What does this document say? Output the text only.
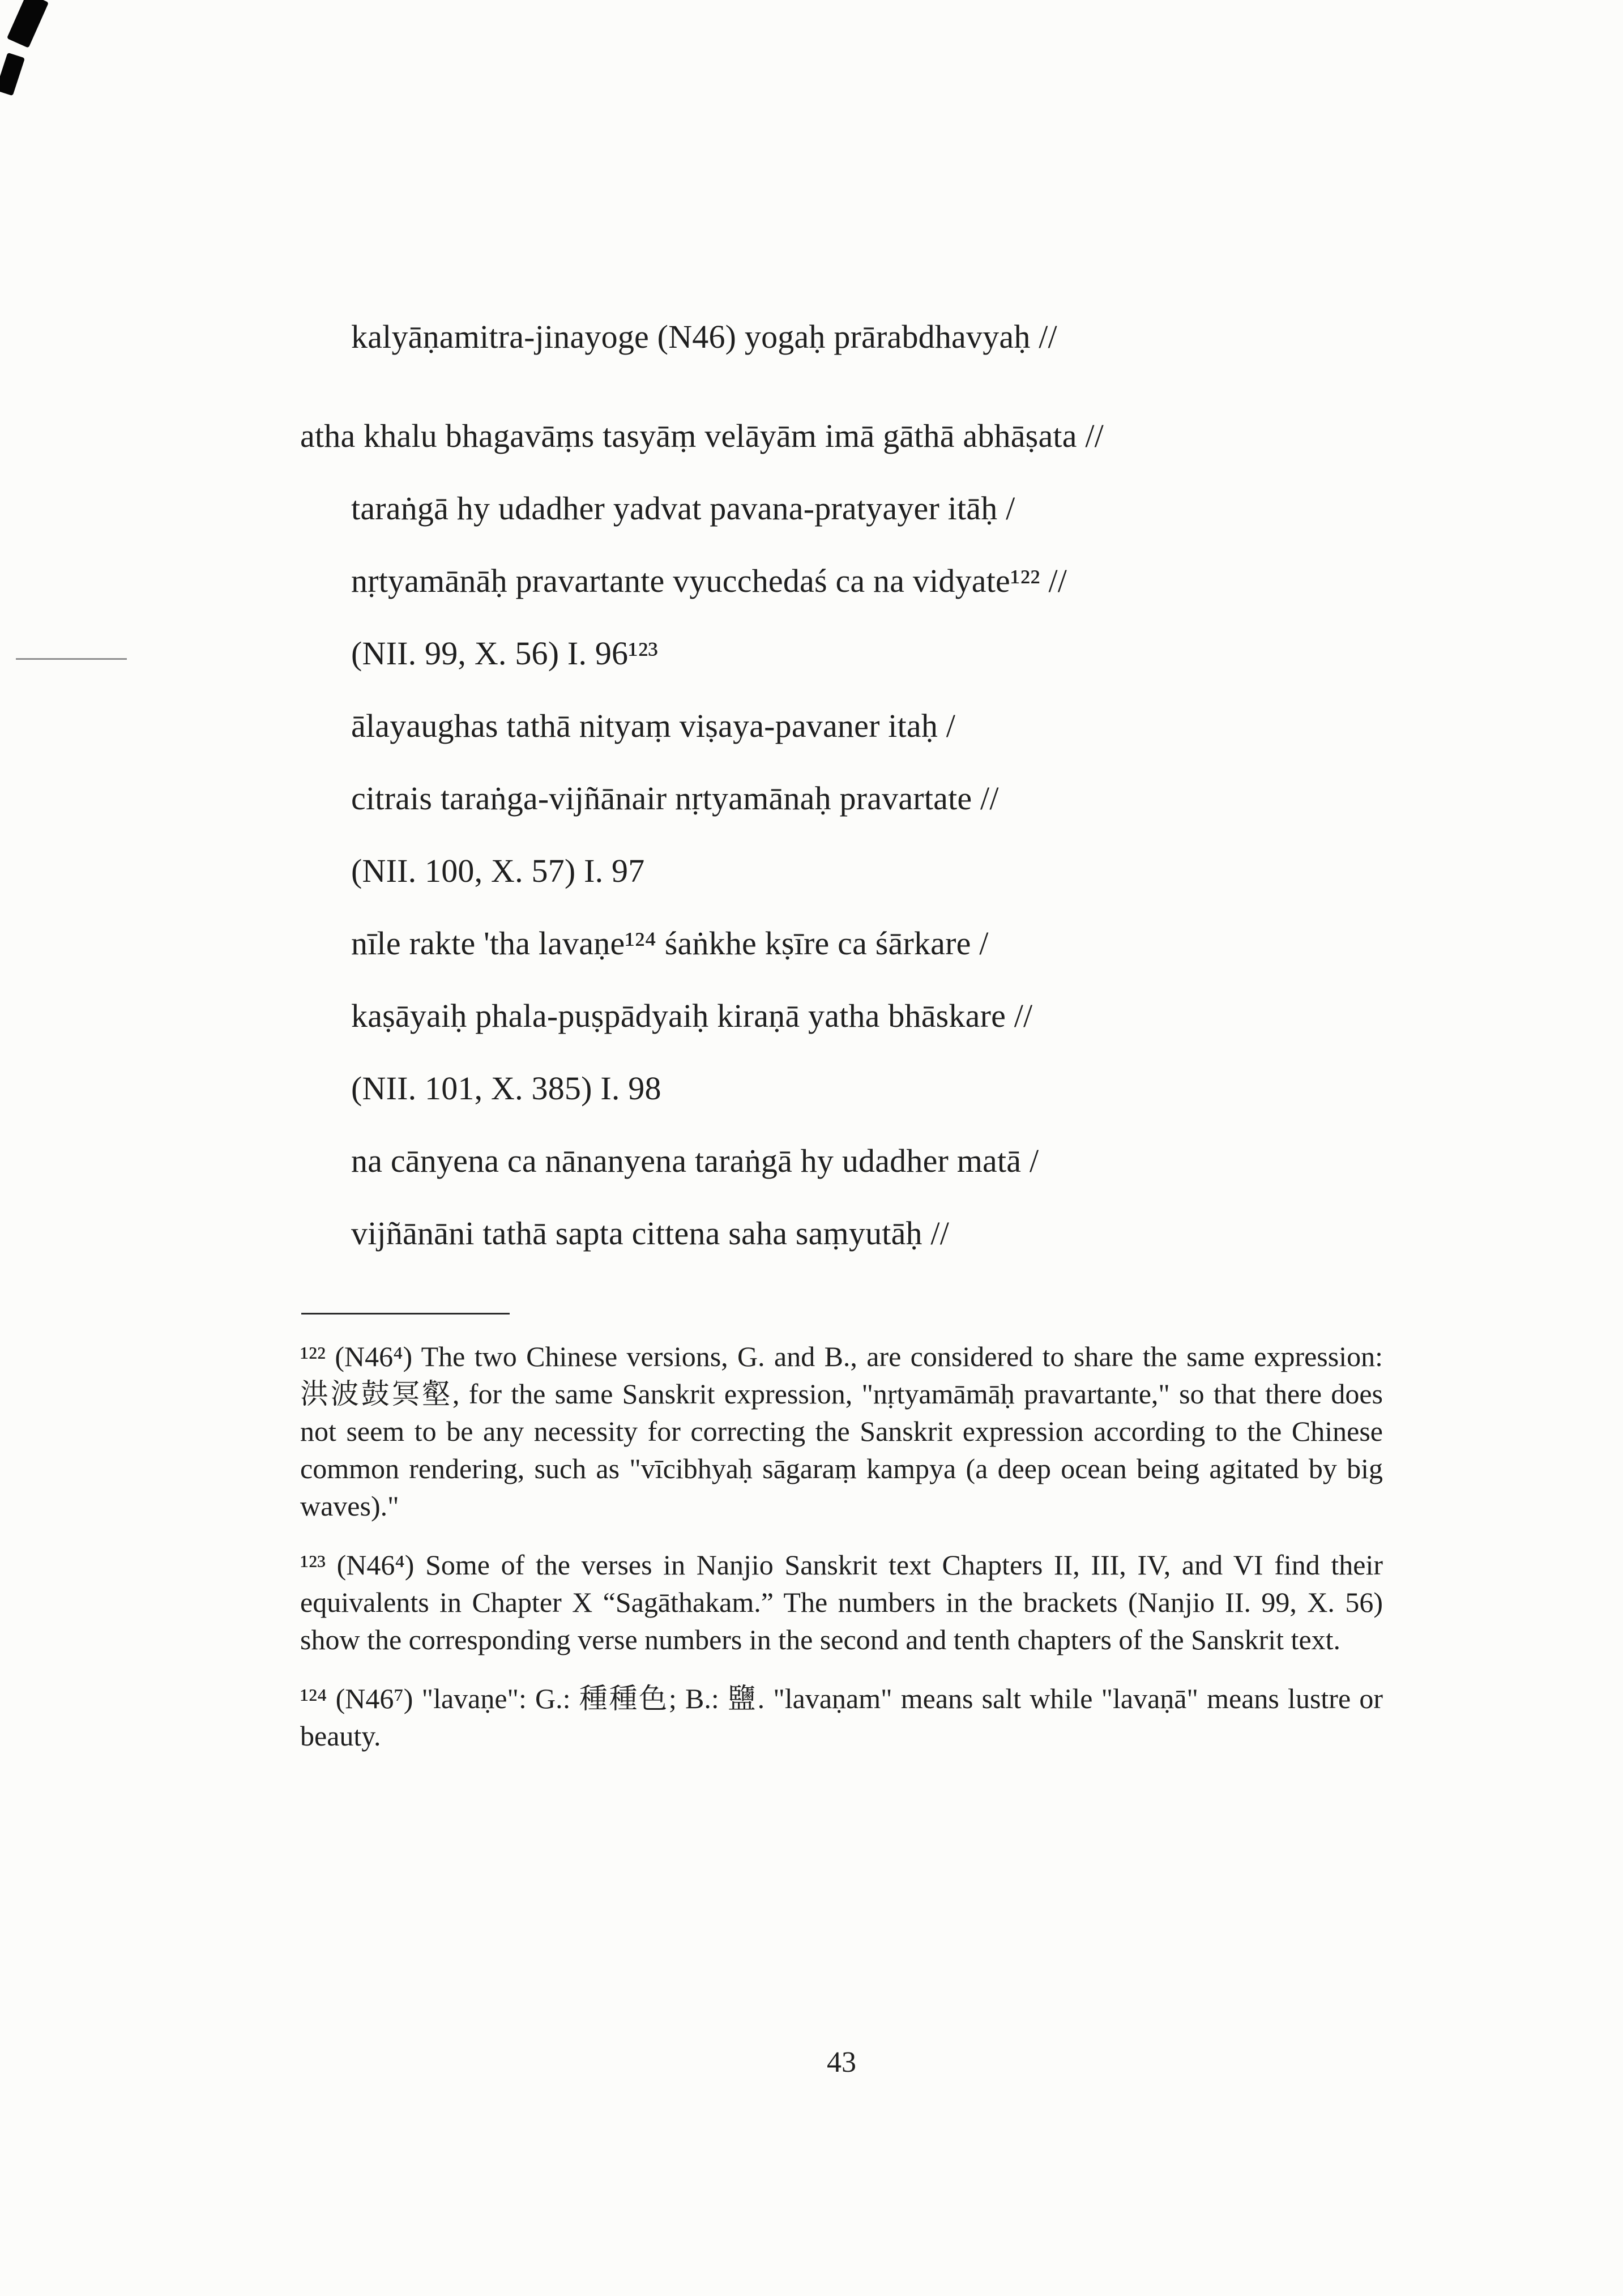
kalyāṇamitra-jinayoge (N46) yogaḥ prārabdhavyaḥ //
atha khalu bhagavāṃs tasyāṃ velāyām imā gāthā abhāṣata //
taraṅgā hy udadher yadvat pavana-pratyayer itāḥ /
nṛtyamānāḥ pravartante vyucchedaś ca na vidyate¹²² //
(NII. 99, X. 56) I. 96¹²³
ālayaughas tathā nityaṃ viṣaya-pavaner itaḥ /
citrais taraṅga-vijñānair nṛtyamānaḥ pravartate //
(NII. 100, X. 57) I. 97
nīle rakte 'tha lavaṇe¹²⁴ śaṅkhe kṣīre ca śārkare /
kaṣāyaiḥ phala-puṣpādyaiḥ kiraṇā yatha bhāskare //
(NII. 101, X. 385) I. 98
na cānyena ca nānanyena taraṅgā hy udadher matā /
vijñānāni tathā sapta cittena saha saṃyutāḥ //

¹²² (N46⁴) The two Chinese versions, G. and B., are considered to share the same expression: 洪波鼓冥壑, for the same Sanskrit expression, "nṛtyamāmāḥ pravartante," so that there does not seem to be any necessity for correcting the Sanskrit expression according to the Chinese common rendering, such as "vīcibhyaḥ sāgaraṃ kampya (a deep ocean being agitated by big waves)."

¹²³ (N46⁴) Some of the verses in Nanjio Sanskrit text Chapters II, III, IV, and VI find their equivalents in Chapter X “Sagāthakam.” The numbers in the brackets (Nanjio II. 99, X. 56) show the corresponding verse numbers in the second and tenth chapters of the Sanskrit text.

¹²⁴ (N46⁷) "lavaṇe": G.: 種種色; B.: 鹽. "lavaṇam" means salt while "lavaṇā" means lustre or beauty.

43
